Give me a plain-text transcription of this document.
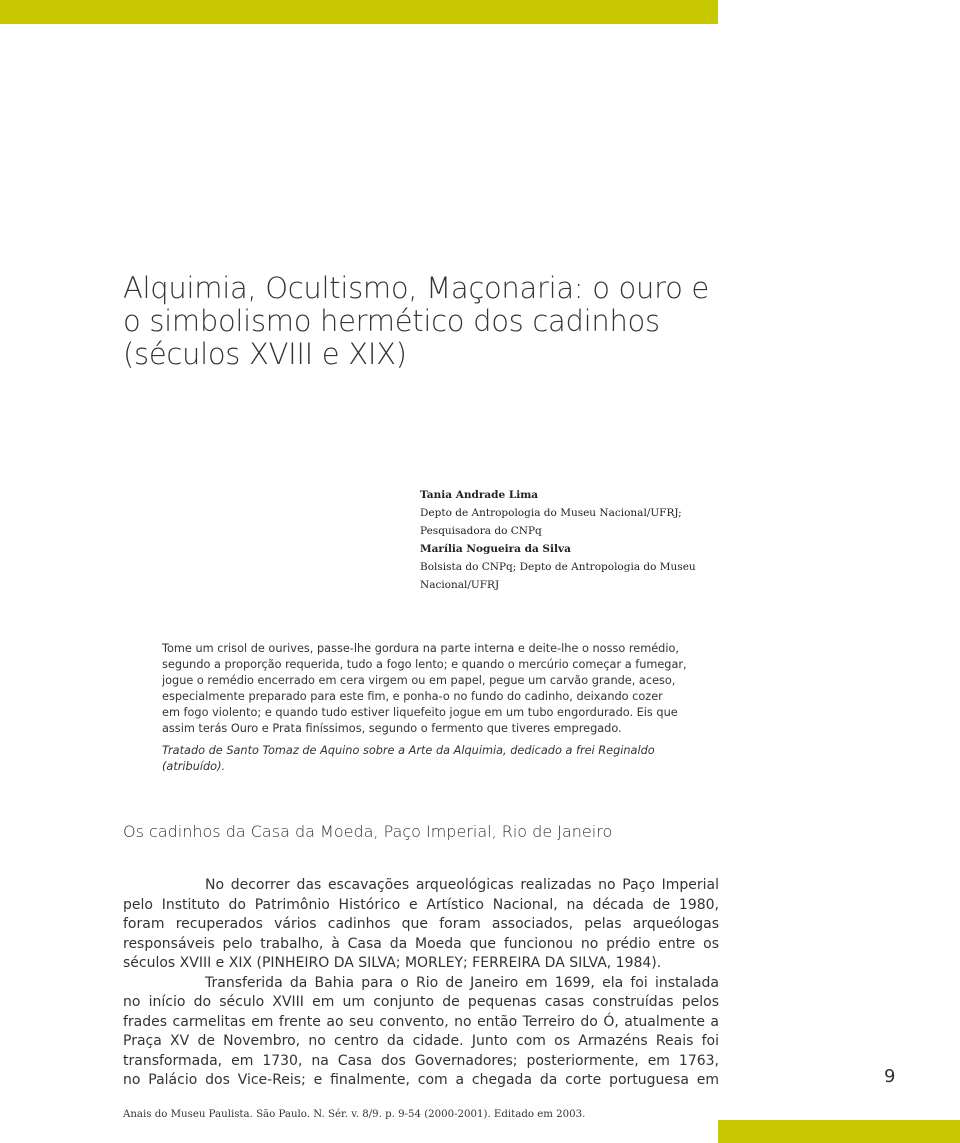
Alquimia, Ocultismo, Maçonaria: o ouro e
o simbolismo hermético dos cadinhos
(séculos XVIII e XIX)
Tania Andrade Lima
Depto de Antropologia do Museu Nacional/UFRJ;
Pesquisadora do CNPq
Marília Nogueira da Silva
Bolsista do CNPq; Depto de Antropologia do Museu
Nacional/UFRJ
Tome um crisol de ourives, passe-lhe gordura na parte interna e deite-lhe o nosso remédio,
segundo a proporção requerida, tudo a fogo lento; e quando o mercúrio começar a fumegar,
jogue o remédio encerrado em cera virgem ou em papel, pegue um carvão grande, aceso,
especialmente preparado para este fim, e ponha-o no fundo do cadinho, deixando cozer
em fogo violento; e quando tudo estiver liquefeito jogue em um tubo engordurado. Eis que
assim terás Ouro e Prata finíssimos, segundo o fermento que tiveres empregado.
Tratado de Santo Tomaz de Aquino sobre a Arte da Alquimia, dedicado a frei Reginaldo
(atribuído).
Os cadinhos da Casa da Moeda, Paço Imperial, Rio de Janeiro
No decorrer das escavações arqueológicas realizadas no Paço Imperial
pelo Instituto do Patrimônio Histórico e Artístico Nacional, na década de 1980,
foram recuperados vários cadinhos que foram associados, pelas arqueólogas
responsáveis pelo trabalho, à Casa da Moeda que funcionou no prédio entre os
séculos XVIII e XIX (PINHEIRO DA SILVA; MORLEY; FERREIRA DA SILVA, 1984).
Transferida da Bahia para o Rio de Janeiro em 1699, ela foi instalada
no início do século XVIII em um conjunto de pequenas casas construídas pelos
frades carmelitas em frente ao seu convento, no então Terreiro do Ó, atualmente a
Praça XV de Novembro, no centro da cidade. Junto com os Armazéns Reais foi
transformada, em 1730, na Casa dos Governadores; posteriormente, em 1763,
no Palácio dos Vice-Reis; e finalmente, com a chegada da corte portuguesa em	9
Anais do Museu Paulista. São Paulo. N. Sér. v. 8/9. p. 9-54 (2000-2001). Editado em 2003.
